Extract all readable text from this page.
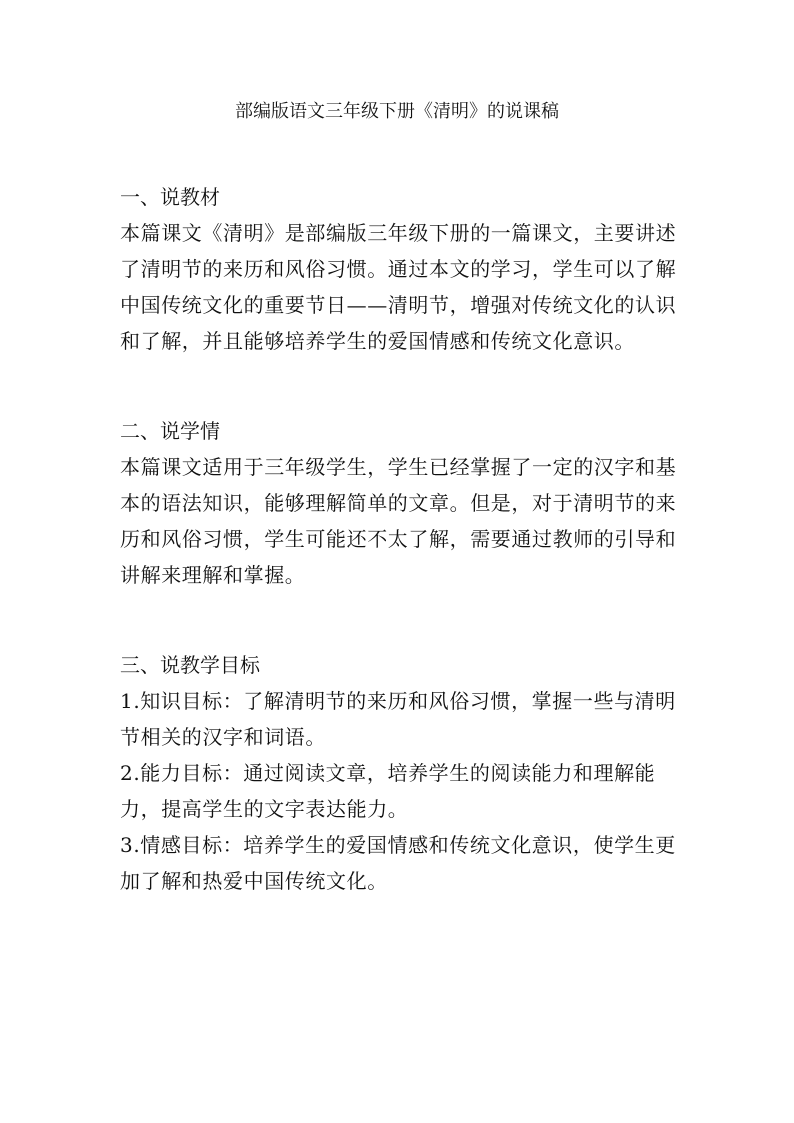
部编版语文三年级下册《清明》的说课稿
一、说教材

本篇课文《清明》是部编版三年级下册的一篇课文，主要讲述了清明节的来历和风俗习惯。通过本文的学习，学生可以了解中国传统文化的重要节日——清明节，增强对传统文化的认识和了解，并且能够培养学生的爱国情感和传统文化意识。

二、说学情

本篇课文适用于三年级学生，学生已经掌握了一定的汉字和基本的语法知识，能够理解简单的文章。但是，对于清明节的来历和风俗习惯，学生可能还不太了解，需要通过教师的引导和讲解来理解和掌握。

三、说教学目标

1.知识目标：了解清明节的来历和风俗习惯，掌握一些与清明节相关的汉字和词语。

2.能力目标：通过阅读文章，培养学生的阅读能力和理解能力，提高学生的文字表达能力。

3.情感目标：培养学生的爱国情感和传统文化意识，使学生更加了解和热爱中国传统文化。
